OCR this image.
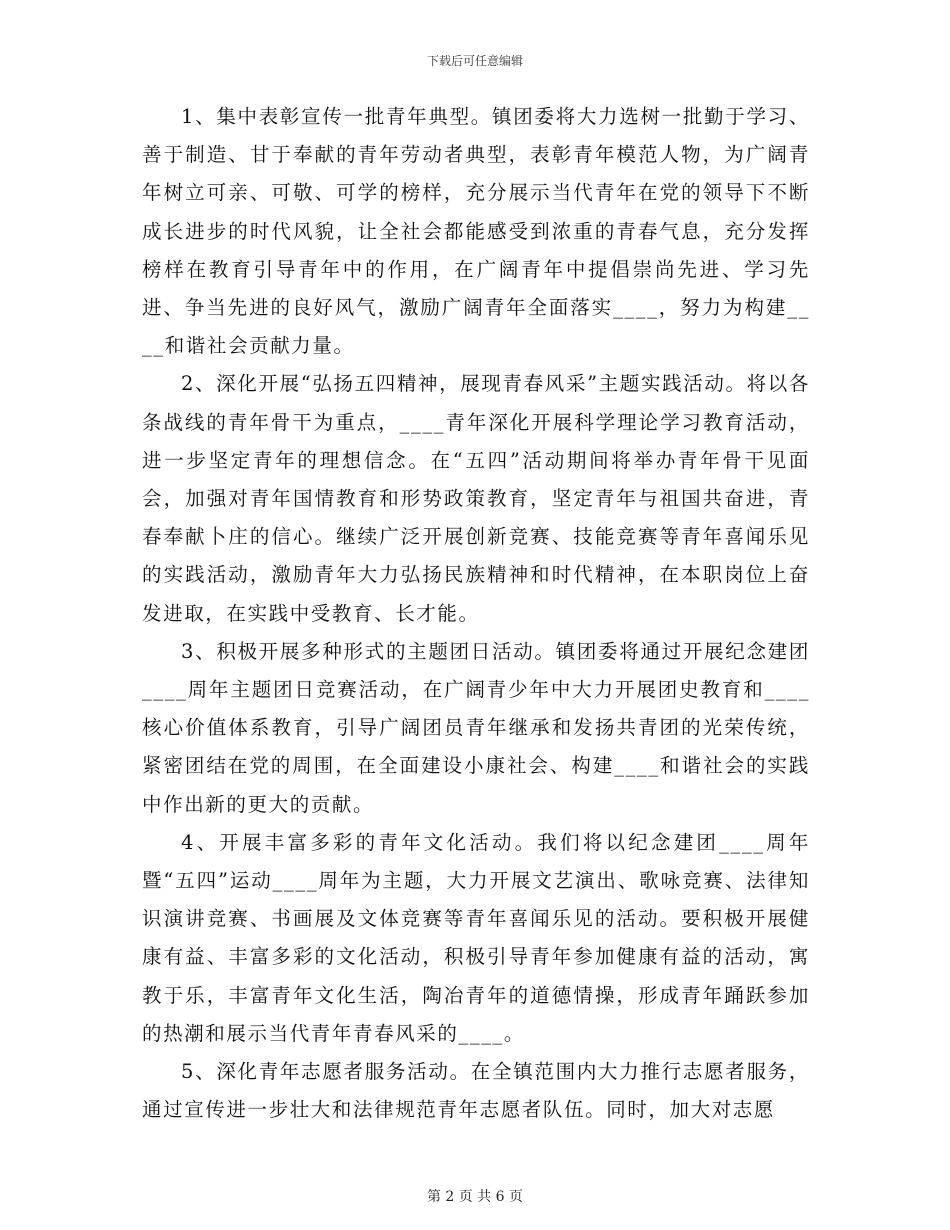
下载后可任意编辑

1、集中表彰宣传一批青年典型。镇团委将大力选树一批勤于学习、善于制造、甘于奉献的青年劳动者典型，表彰青年模范人物，为广阔青年树立可亲、可敬、可学的榜样，充分展示当代青年在党的领导下不断成长进步的时代风貌，让全社会都能感受到浓重的青春气息，充分发挥榜样在教育引导青年中的作用，在广阔青年中提倡崇尚先进、学习先进、争当先进的良好风气，激励广阔青年全面落实____，努力为构建____和谐社会贡献力量。

2、深化开展“弘扬五四精神，展现青春风采”主题实践活动。将以各条战线的青年骨干为重点，____青年深化开展科学理论学习教育活动，进一步坚定青年的理想信念。在“五四”活动期间将举办青年骨干见面会，加强对青年国情教育和形势政策教育，坚定青年与祖国共奋进，青春奉献卜庄的信心。继续广泛开展创新竞赛、技能竞赛等青年喜闻乐见的实践活动，激励青年大力弘扬民族精神和时代精神，在本职岗位上奋发进取，在实践中受教育、长才能。

3、积极开展多种形式的主题团日活动。镇团委将通过开展纪念建团____周年主题团日竞赛活动，在广阔青少年中大力开展团史教育和____核心价值体系教育，引导广阔团员青年继承和发扬共青团的光荣传统，紧密团结在党的周围，在全面建设小康社会、构建____和谐社会的实践中作出新的更大的贡献。

4、开展丰富多彩的青年文化活动。我们将以纪念建团____周年暨“五四”运动____周年为主题，大力开展文艺演出、歌咏竞赛、法律知识演讲竞赛、书画展及文体竞赛等青年喜闻乐见的活动。要积极开展健康有益、丰富多彩的文化活动，积极引导青年参加健康有益的活动，寓教于乐，丰富青年文化生活，陶冶青年的道德情操，形成青年踊跃参加的热潮和展示当代青年青春风采的____。

5、深化青年志愿者服务活动。在全镇范围内大力推行志愿者服务，通过宣传进一步壮大和法律规范青年志愿者队伍。同时，加大对志愿

第 2 页 共 6 页
